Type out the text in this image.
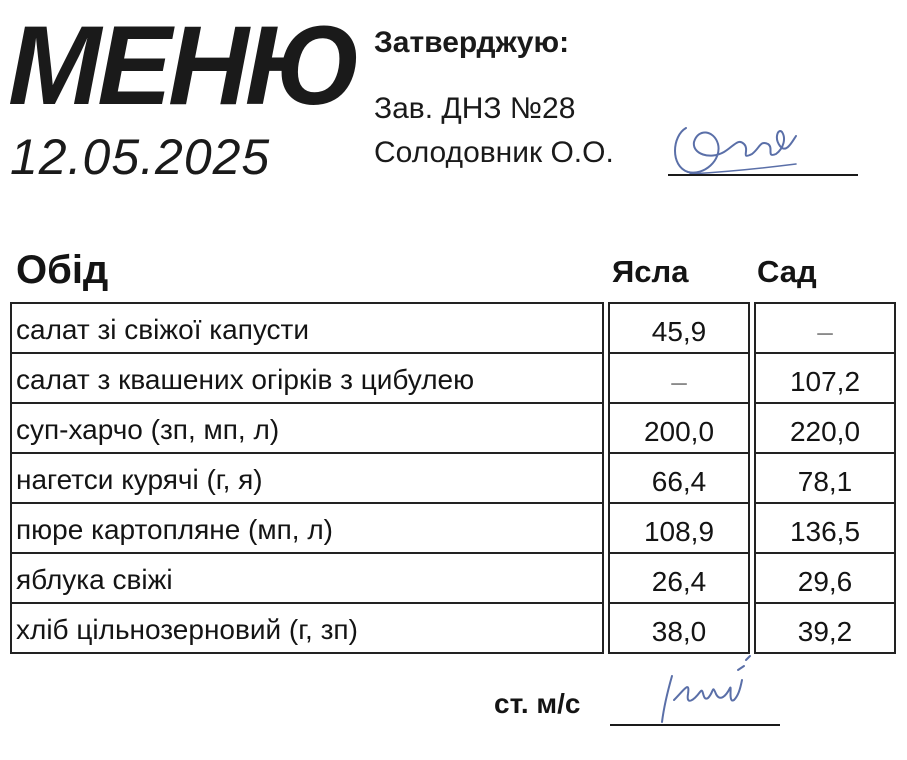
МЕНЮ
12.05.2025
Затверджую:
Зав. ДНЗ №28
Солодовник О.О.
Обід	Ясла Сад
салат зі свіжої капусти		45,9		–
салат з квашених огірків з цибулею		–		107,2
суп-харчо (зп, мп, л)		200,0		220,0
нагетси курячі (г, я)		66,4		78,1
пюре картопляне (мп, л)		108,9		136,5
яблука свіжі		26,4		29,6
хліб цільнозерновий (г, зп)		38,0		39,2
ст. м/с
